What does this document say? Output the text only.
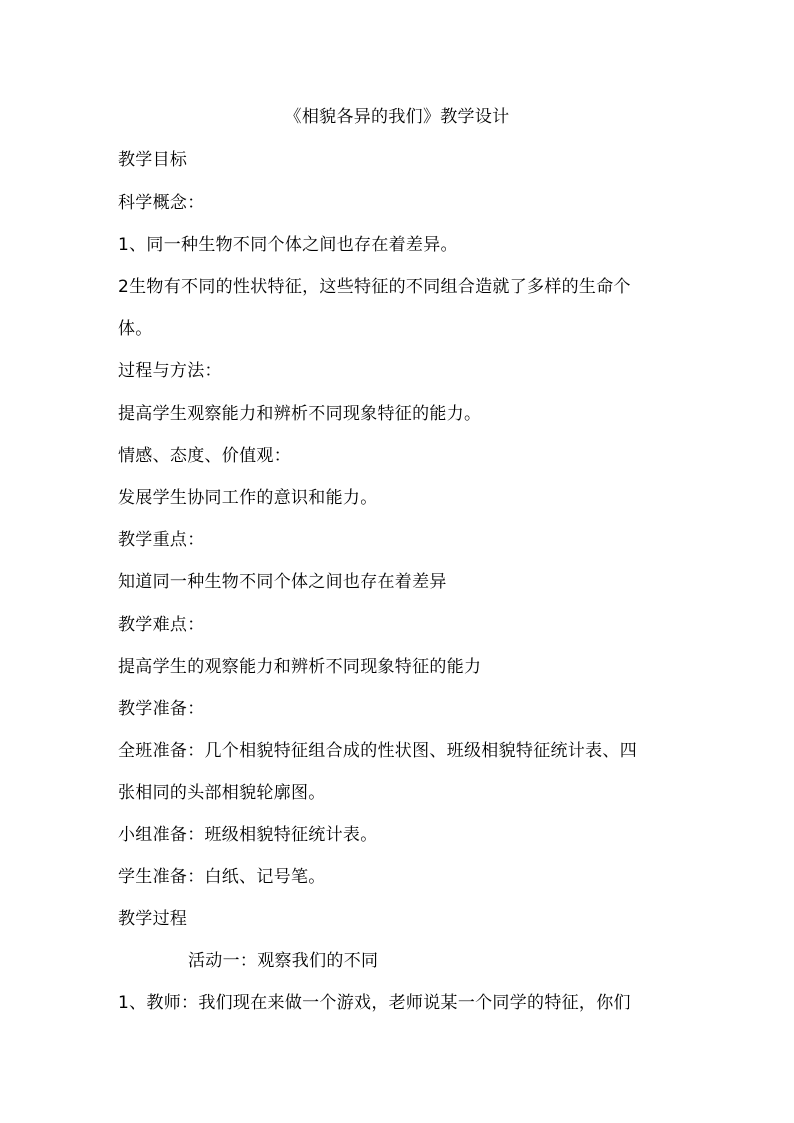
《相貌各异的我们》教学设计
教学目标
科学概念：
1、同一种生物不同个体之间也存在着差异。
2生物有不同的性状特征，这些特征的不同组合造就了多样的生命个
体。
过程与方法：
提高学生观察能力和辨析不同现象特征的能力。
情感、态度、价值观：
发展学生协同工作的意识和能力。
教学重点：
知道同一种生物不同个体之间也存在着差异
教学难点：
提高学生的观察能力和辨析不同现象特征的能力
教学准备：
全班准备：几个相貌特征组合成的性状图、班级相貌特征统计表、四
张相同的头部相貌轮廓图。
小组准备：班级相貌特征统计表。
学生准备：白纸、记号笔。
教学过程
活动一：观察我们的不同
1、教师：我们现在来做一个游戏，老师说某一个同学的特征，你们
